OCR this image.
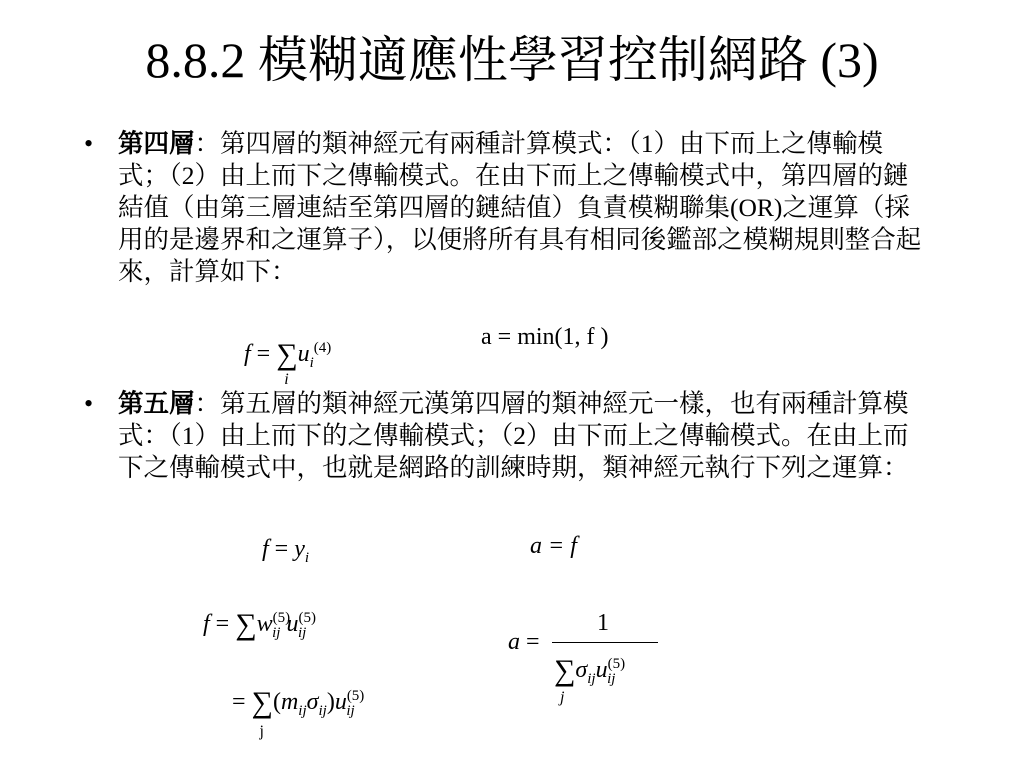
8.8.2 模糊適應性學習控制網路 (3)
• 第四層：第四層的類神經元有兩種計算模式：（1）由下而上之傳輸模式；（2）由上而下之傳輸模式。在由下而上之傳輸模式中，第四層的鏈結值（由第三層連結至第四層的鏈結值）負責模糊聯集(OR)之運算（採用的是邊界和之運算子），以便將所有具有相同後鑑部之模糊規則整合起來，計算如下：
f = ∑
i
$u_i^{(4)}$	a = min(1, f )
• 第五層：第五層的類神經元漢第四層的類神經元一樣，也有兩種計算模式：（1）由上而下的之傳輸模式；（2）由下而上之傳輸模式。在由上而下之傳輸模式中，也就是網路的訓練時期，類神經元執行下列之運算：
$f = y_i$	a = f
$f = \sum w^{(5)}_{ij}$ $u^{(5)}_{ij}$	a =
1
∑
j
$\sigma_{ij}u^{(5)}_{ij}$
= ∑
j
$(m_{ij}\sigma_{ij})u^{(5)}_{ij}$
